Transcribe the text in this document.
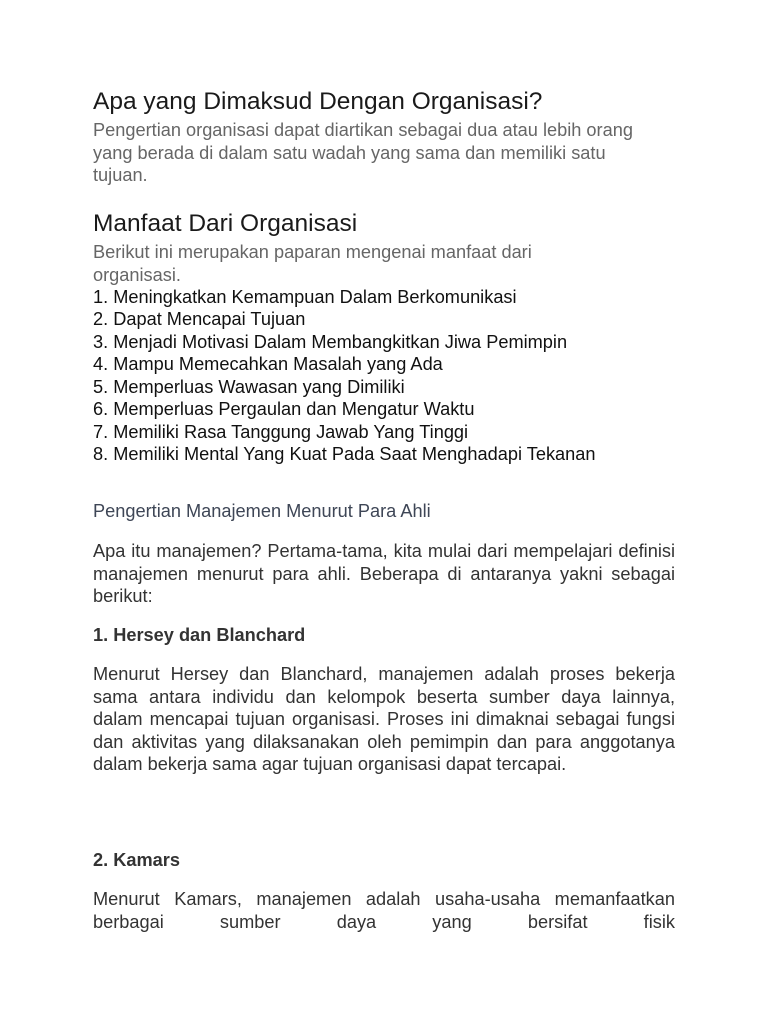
Apa yang Dimaksud Dengan Organisasi?

Pengertian organisasi dapat diartikan sebagai dua atau lebih orang yang berada di dalam satu wadah yang sama dan memiliki satu tujuan.

Manfaat Dari Organisasi

Berikut ini merupakan paparan mengenai manfaat dari organisasi.

1. Meningkatkan Kemampuan Dalam Berkomunikasi
2. Dapat Mencapai Tujuan
3. Menjadi Motivasi Dalam Membangkitkan Jiwa Pemimpin
4. Mampu Memecahkan Masalah yang Ada
5. Memperluas Wawasan yang Dimiliki
6. Memperluas Pergaulan dan Mengatur Waktu
7. Memiliki Rasa Tanggung Jawab Yang Tinggi
8. Memiliki Mental Yang Kuat Pada Saat Menghadapi Tekanan

Pengertian Manajemen Menurut Para Ahli

Apa itu manajemen? Pertama-tama, kita mulai dari mempelajari definisi manajemen menurut para ahli. Beberapa di antaranya yakni sebagai berikut:

1. Hersey dan Blanchard

Menurut Hersey dan Blanchard, manajemen adalah proses bekerja sama antara individu dan kelompok beserta sumber daya lainnya, dalam mencapai tujuan organisasi. Proses ini dimaknai sebagai fungsi dan aktivitas yang dilaksanakan oleh pemimpin dan para anggotanya dalam bekerja sama agar tujuan organisasi dapat tercapai.

2. Kamars

Menurut Kamars, manajemen adalah usaha-usaha memanfaatkan berbagai sumber daya yang bersifat fisik
